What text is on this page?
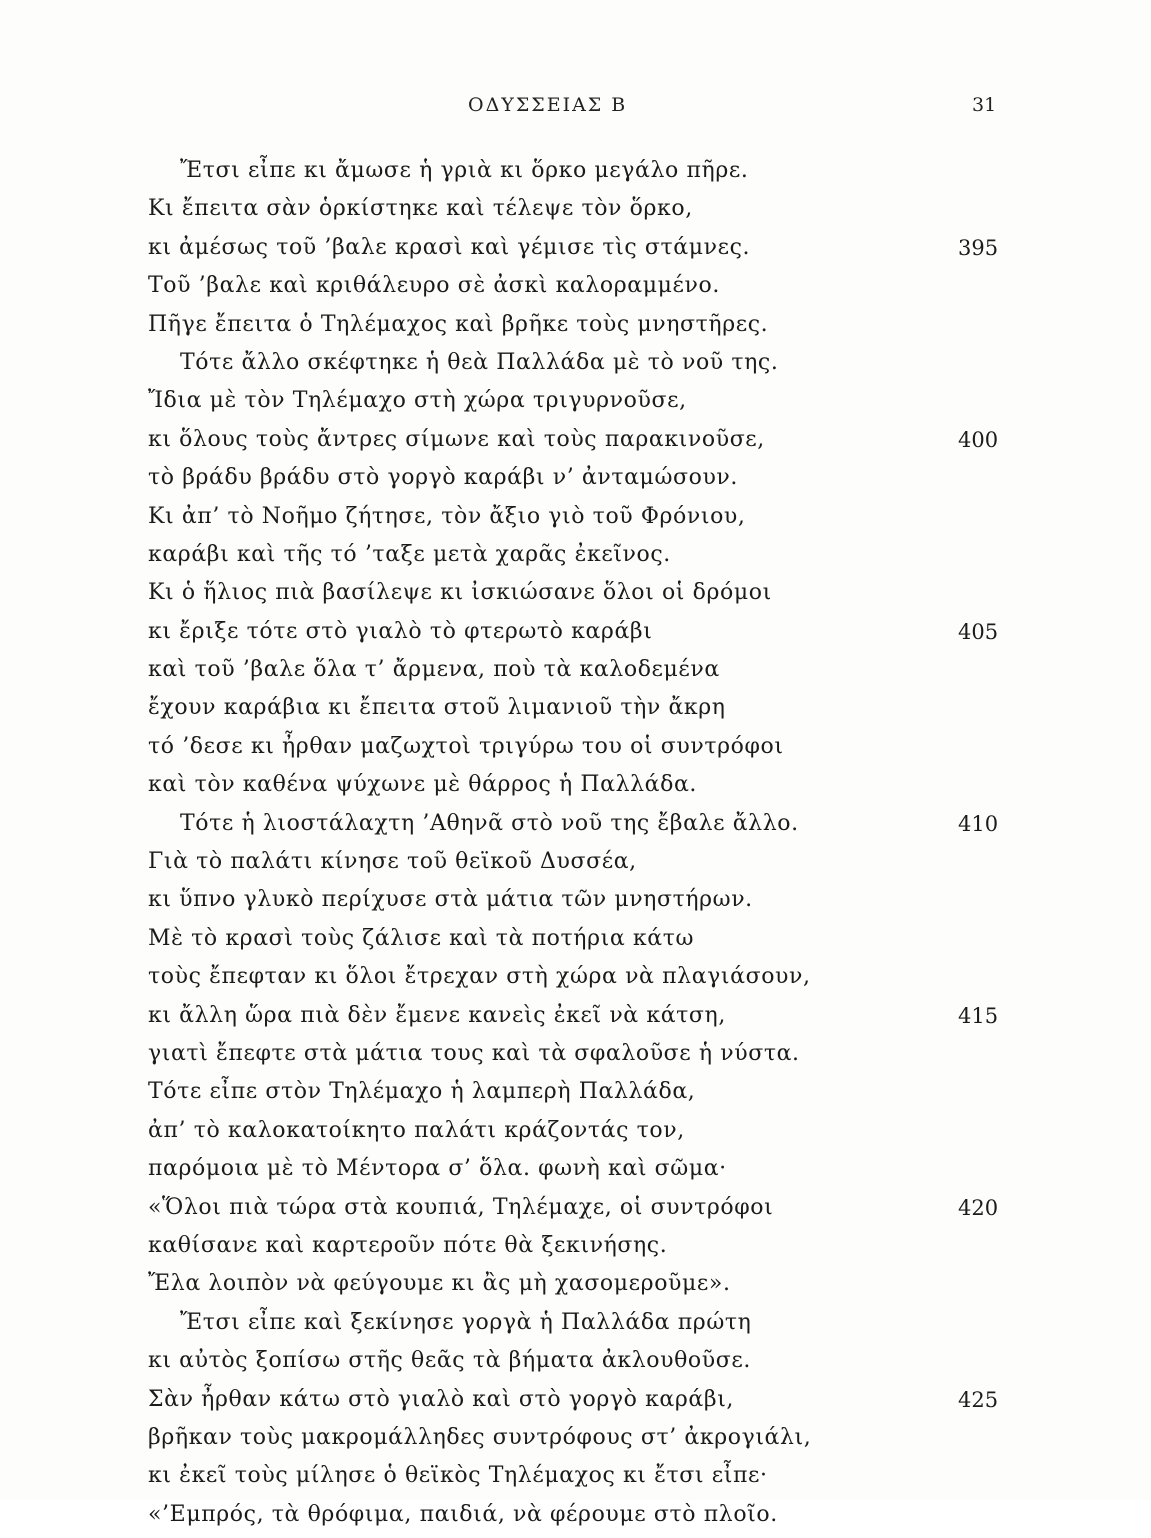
ΟΔΥΣΣΕΙΑΣ Β	31
Ἔτσι εἶπε κι ἄμωσε ἡ γριὰ κι ὅρκο μεγάλο πῆρε.
Κι ἔπειτα σὰν ὁρκίστηκε καὶ τέλεψε τὸν ὅρκο,
κι ἀμέσως τοῦ ’βαλε κρασὶ καὶ γέμισε τὶς στάμνες.	395
Τοῦ ’βαλε καὶ κριθάλευρο σὲ ἀσκὶ καλοραμμένο.
Πῆγε ἔπειτα ὁ Τηλέμαχος καὶ βρῆκε τοὺς μνηστῆρες.
Τότε ἄλλο σκέφτηκε ἡ θεὰ Παλλάδα μὲ τὸ νοῦ της.
Ἴδια μὲ τὸν Τηλέμαχο στὴ χώρα τριγυρνοῦσε,
κι ὅλους τοὺς ἄντρες σίμωνε καὶ τοὺς παρακινοῦσε,	400
τὸ βράδυ βράδυ στὸ γοργὸ καράβι ν’ ἀνταμώσουν.
Κι ἀπ’ τὸ Νοῆμο ζήτησε, τὸν ἄξιο γιὸ τοῦ Φρόνιου,
καράβι καὶ τῆς τό ’ταξε μετὰ χαρᾶς ἐκεῖνος.
Κι ὁ ἥλιος πιὰ βασίλεψε κι ἰσκιώσανε ὅλοι οἱ δρόμοι
κι ἔριξε τότε στὸ γιαλὸ τὸ φτερωτὸ καράβι	405
καὶ τοῦ ’βαλε ὅλα τ’ ἄρμενα, ποὺ τὰ καλοδεμένα
ἔχουν καράβια κι ἔπειτα στοῦ λιμανιοῦ τὴν ἄκρη
τό ’δεσε κι ἦρθαν μαζωχτοὶ τριγύρω του οἱ συντρόφοι
καὶ τὸν καθένα ψύχωνε μὲ θάρρος ἡ Παλλάδα.
Τότε ἡ λιοστάλαχτη ’Αθηνᾶ στὸ νοῦ της ἔβαλε ἄλλο.	410
Γιὰ τὸ παλάτι κίνησε τοῦ θεϊκοῦ Δυσσέα,
κι ὕπνο γλυκὸ περίχυσε στὰ μάτια τῶν μνηστήρων.
Μὲ τὸ κρασὶ τοὺς ζάλισε καὶ τὰ ποτήρια κάτω
τοὺς ἔπεφταν κι ὅλοι ἔτρεχαν στὴ χώρα νὰ πλαγιάσουν,
κι ἄλλη ὥρα πιὰ δὲν ἔμενε κανεὶς ἐκεῖ νὰ κάτση,	415
γιατὶ ἔπεφτε στὰ μάτια τους καὶ τὰ σφαλοῦσε ἡ νύστα.
Τότε εἶπε στὸν Τηλέμαχο ἡ λαμπερὴ Παλλάδα,
ἀπ’ τὸ καλοκατοίκητο παλάτι κράζοντάς τον,
παρόμοια μὲ τὸ Μέντορα σ’ ὅλα. φωνὴ καὶ σῶμα·
«Ὅλοι πιὰ τώρα στὰ κουπιά, Τηλέμαχε, οἱ συντρόφοι	420
καθίσανε καὶ καρτεροῦν πότε θὰ ξεκινήσης.
Ἔλα λοιπὸν νὰ φεύγουμε κι ἂς μὴ χασομεροῦμε».
Ἔτσι εἶπε καὶ ξεκίνησε γοργὰ ἡ Παλλάδα πρώτη
κι αὐτὸς ξοπίσω στῆς θεᾶς τὰ βήματα ἀκλουθοῦσε.
Σὰν ἦρθαν κάτω στὸ γιαλὸ καὶ στὸ γοργὸ καράβι,	425
βρῆκαν τοὺς μακρομάλληδες συντρόφους στ’ ἀκρογιάλι,
κι ἐκεῖ τοὺς μίλησε ὁ θεϊκὸς Τηλέμαχος κι ἔτσι εἶπε·
«’Εμπρός, τὰ θρόφιμα, παιδιά, νὰ φέρουμε στὸ πλοῖο.
